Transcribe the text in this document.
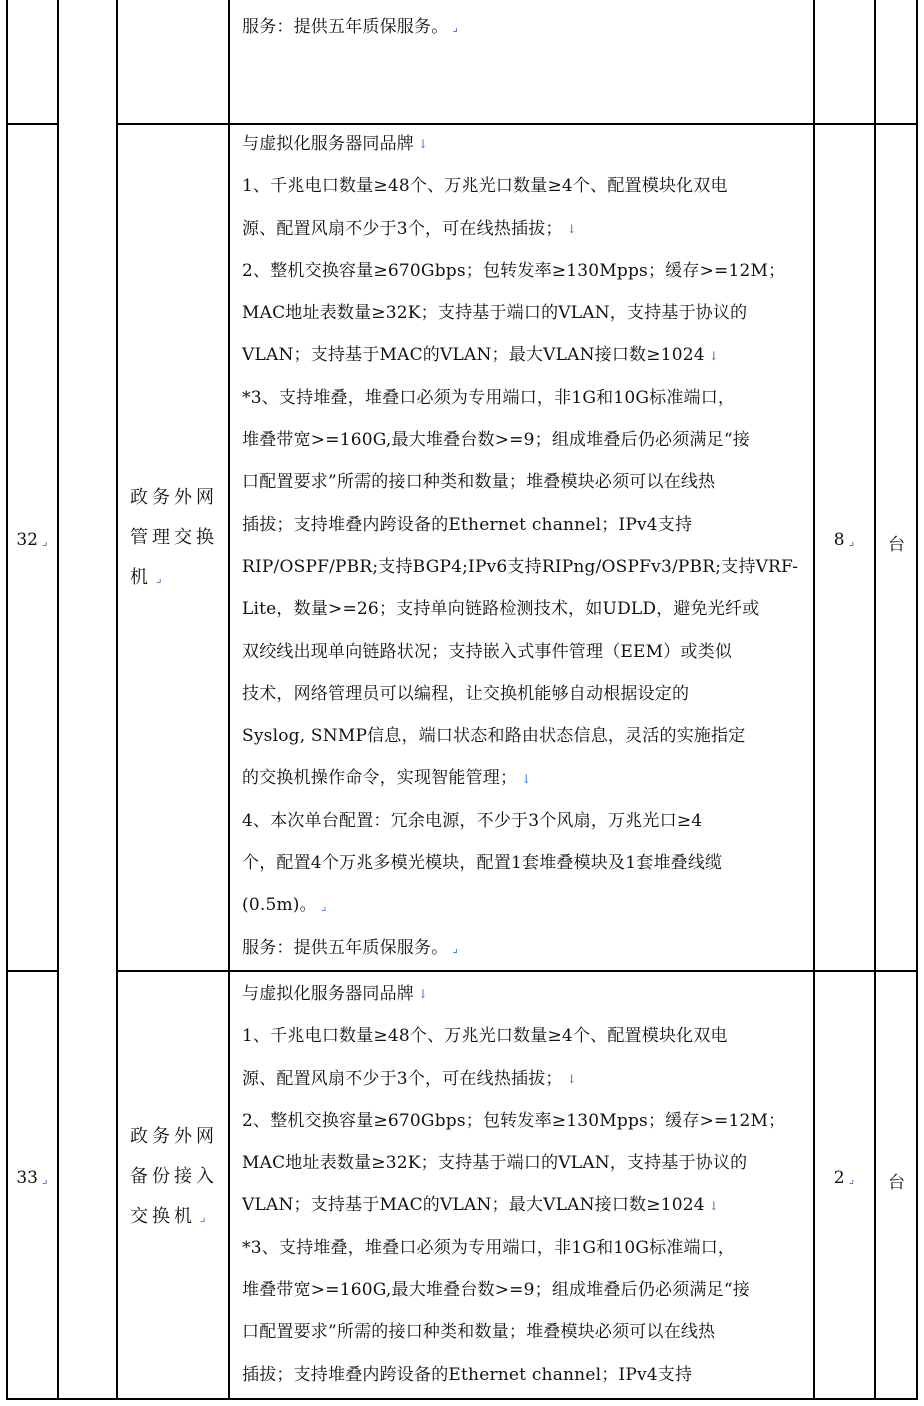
服务：提供五年质保服务。 ⌟
32 ⌟
政务外网
管理交换
机 ⌟
与虚拟化服务器同品牌 ↓
1、千兆电口数量≥48个、万兆光口数量≥4个、配置模块化双电
源、配置风扇不少于3个，可在线热插拔； ↓
2、整机交换容量≥670Gbps；包转发率≥130Mpps；缓存>=12M；
MAC地址表数量≥32K；支持基于端口的VLAN，支持基于协议的
VLAN；支持基于MAC的VLAN；最大VLAN接口数≥1024 ↓
*3、支持堆叠，堆叠口必须为专用端口，非1G和10G标准端口，
堆叠带宽>=160G,最大堆叠台数>=9；组成堆叠后仍必须满足“接
口配置要求”所需的接口种类和数量；堆叠模块必须可以在线热
插拔；支持堆叠内跨设备的Ethernet channel；IPv4支持
RIP/OSPF/PBR;支持BGP4;IPv6支持RIPng/OSPFv3/PBR;支持VRF-
Lite，数量>=26；支持单向链路检测技术，如UDLD，避免光纤或
双绞线出现单向链路状况；支持嵌入式事件管理（EEM）或类似
技术，网络管理员可以编程，让交换机能够自动根据设定的
Syslog, SNMP信息，端口状态和路由状态信息，灵活的实施指定
的交换机操作命令，实现智能管理； ↓
4、本次单台配置：冗余电源，不少于3个风扇，万兆光口≥4
个，配置4个万兆多模光模块，配置1套堆叠模块及1套堆叠线缆
(0.5m)。 ⌟
服务：提供五年质保服务。 ⌟
8 ⌟	台
33 ⌟
政务外网
备份接入
交换机 ⌟
与虚拟化服务器同品牌 ↓
1、千兆电口数量≥48个、万兆光口数量≥4个、配置模块化双电
源、配置风扇不少于3个，可在线热插拔； ↓
2、整机交换容量≥670Gbps；包转发率≥130Mpps；缓存>=12M；
MAC地址表数量≥32K；支持基于端口的VLAN，支持基于协议的
VLAN；支持基于MAC的VLAN；最大VLAN接口数≥1024 ↓
*3、支持堆叠，堆叠口必须为专用端口，非1G和10G标准端口，
堆叠带宽>=160G,最大堆叠台数>=9；组成堆叠后仍必须满足“接
口配置要求”所需的接口种类和数量；堆叠模块必须可以在线热
插拔；支持堆叠内跨设备的Ethernet channel；IPv4支持
2 ⌟	台
